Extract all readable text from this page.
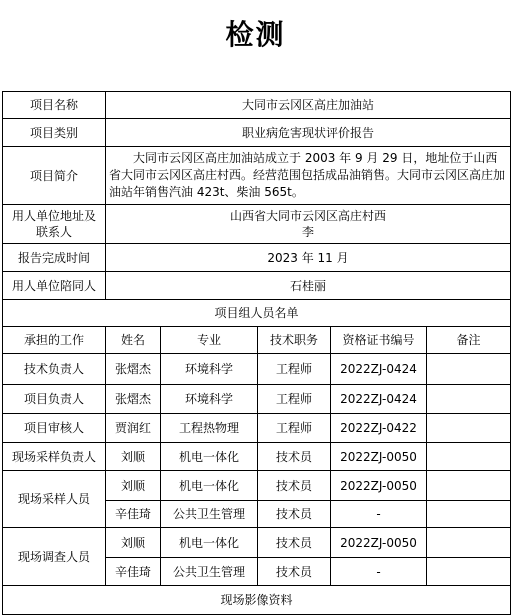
检测
项目名称	大同市云冈区高庄加油站				
项目类别	职业病危害现状评价报告				
项目简介	大同市云冈区高庄加油站成立于 2003 年 9 月 29 日，地址位于山西省大同市云冈区高庄村西。经营范围包括成品油销售。大同市云冈区高庄加油站年销售汽油 423t、柴油 565t。				

用人单位地址及
联系人	山西省大同市云冈区高庄村西
李				

报告完成时间	2023 年 11 月				
用人单位陪同人	石桂丽				
项目组人员名单					
承担的工作	姓名	专业	技术职务	资格证书编号	备注
技术负责人	张熠杰	环境科学	工程师	2022ZJ-0424	
项目负责人	张熠杰	环境科学	工程师	2022ZJ-0424	
项目审核人	贾润红	工程热物理	工程师	2022ZJ-0422	
现场采样负责人	刘顺	机电一体化	技术员	2022ZJ-0050	
现场采样人员	刘顺	机电一体化	技术员	2022ZJ-0050	
	辛佳琦	公共卫生管理	技术员	-	
现场调查人员	刘顺	机电一体化	技术员	2022ZJ-0050	
	辛佳琦	公共卫生管理	技术员	-	
现场影像资料					
